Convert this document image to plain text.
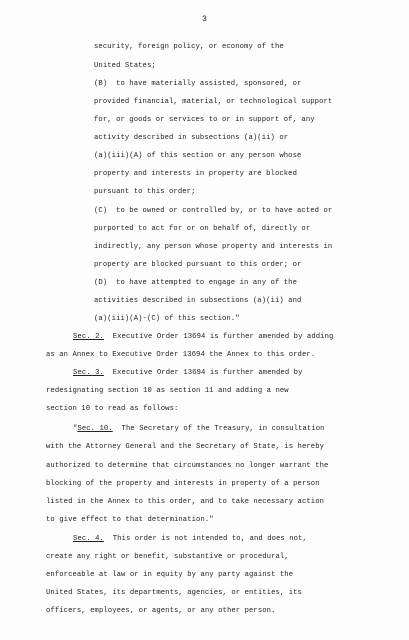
3
security, foreign policy, or economy of the
United States;
(B)  to have materially assisted, sponsored, or
provided financial, material, or technological support
for, or goods or services to or in support of, any
activity described in subsections (a)(ii) or
(a)(iii)(A) of this section or any person whose
property and interests in property are blocked
pursuant to this order;
(C)  to be owned or controlled by, or to have acted or
purported to act for or on behalf of, directly or
indirectly, any person whose property and interests in
property are blocked pursuant to this order; or
(D)  to have attempted to engage in any of the
activities described in subsections (a)(ii) and
(a)(iii)(A)-(C) of this section."
Sec. 2.  Executive Order 13694 is further amended by adding
as an Annex to Executive Order 13694 the Annex to this order.
Sec. 3.  Executive Order 13694 is further amended by
redesignating section 10 as section 11 and adding a new
section 10 to read as follows:
"Sec. 10.  The Secretary of the Treasury, in consultation
with the Attorney General and the Secretary of State, is hereby
authorized to determine that circumstances no longer warrant the
blocking of the property and interests in property of a person
listed in the Annex to this order, and to take necessary action
to give effect to that determination."
Sec. 4.  This order is not intended to, and does not,
create any right or benefit, substantive or procedural,
enforceable at law or in equity by any party against the
United States, its departments, agencies, or entities, its
officers, employees, or agents, or any other person.
